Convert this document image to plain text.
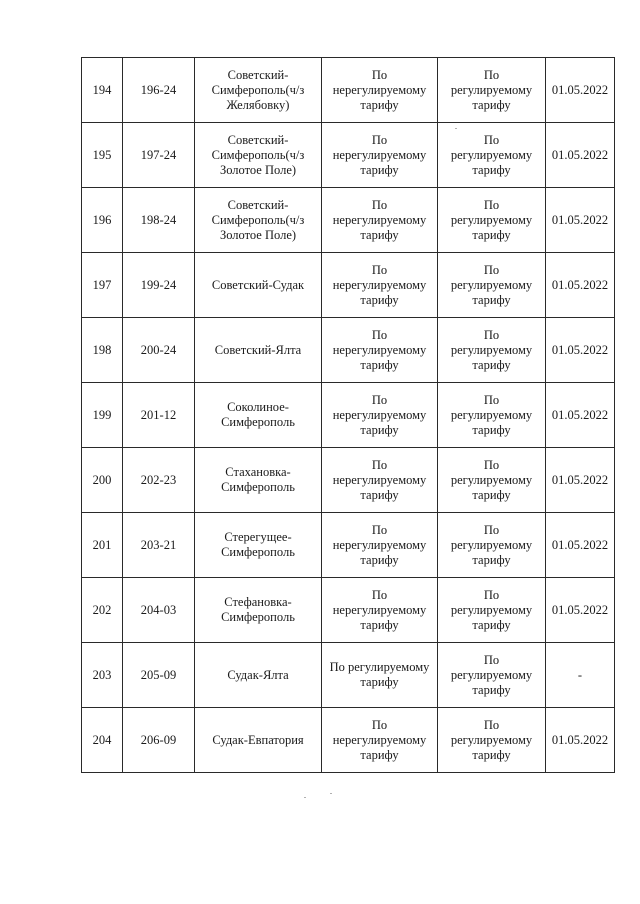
194	196-24	Советский-
Симферополь(ч/з
Желябовку)	По
нерегулируемому
тарифу	По
регулируемому
тарифу	01.05.2022
195	197-24	Советский-
Симферополь(ч/з
Золотое Поле)	По
нерегулируемому
тарифу	По
регулируемому
тарифу	01.05.2022
196	198-24	Советский-
Симферополь(ч/з
Золотое Поле)	По
нерегулируемому
тарифу	По
регулируемому
тарифу	01.05.2022
197	199-24	Советский-Судак	По
нерегулируемому
тарифу	По
регулируемому
тарифу	01.05.2022
198	200-24	Советский-Ялта	По
нерегулируемому
тарифу	По
регулируемому
тарифу	01.05.2022
199	201-12	Соколиное-
Симферополь	По
нерегулируемому
тарифу	По
регулируемому
тарифу	01.05.2022
200	202-23	Стахановка-
Симферополь	По
нерегулируемому
тарифу	По
регулируемому
тарифу	01.05.2022
201	203-21	Стерегущее-
Симферополь	По
нерегулируемому
тарифу	По
регулируемому
тарифу	01.05.2022
202	204-03	Стефановка-
Симферополь	По
нерегулируемому
тарифу	По
регулируемому
тарифу	01.05.2022
203	205-09	Судак-Ялта	По регулируемому
тарифу	По
регулируемому
тарифу	-
204	206-09	Судак-Евпатория	По
нерегулируемому
тарифу	По
регулируемому
тарифу	01.05.2022
